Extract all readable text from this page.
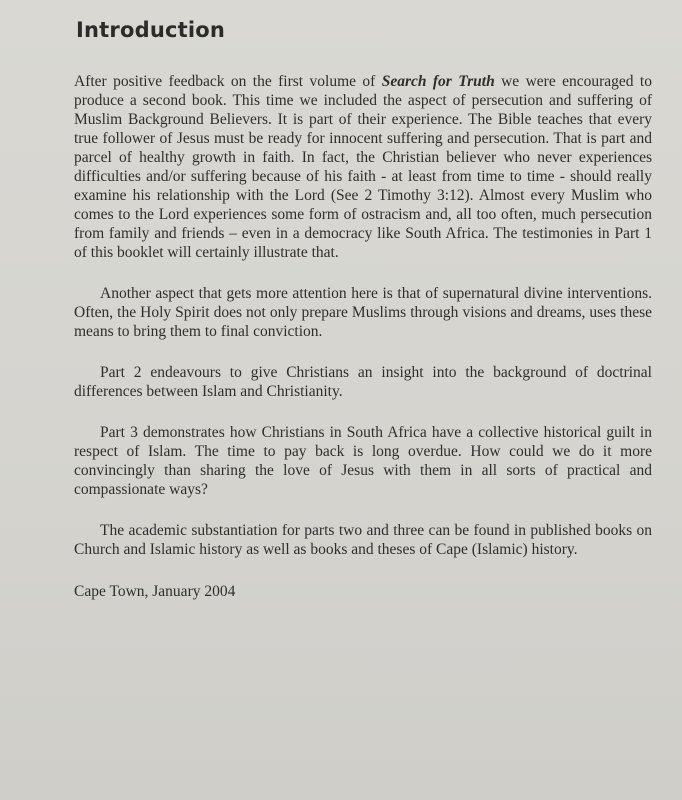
Introduction

After positive feedback on the first volume of Search for Truth we were encouraged to produce a second book. This time we included the aspect of persecution and suffering of Muslim Background Believers. It is part of their experience. The Bible teaches that every true follower of Jesus must be ready for innocent suffering and persecution. That is part and parcel of healthy growth in faith. In fact, the Christian believer who never experiences difficulties and/or suffering because of his faith - at least from time to time - should really examine his relationship with the Lord (See 2 Timothy 3:12). Almost every Muslim who comes to the Lord experiences some form of ostracism and, all too often, much persecution from family and friends – even in a democracy like South Africa. The testimonies in Part 1 of this booklet will certainly illustrate that.

Another aspect that gets more attention here is that of supernatural divine interventions. Often, the Holy Spirit does not only prepare Muslims through visions and dreams, uses these means to bring them to final conviction.

Part 2 endeavours to give Christians an insight into the background of doctrinal differences between Islam and Christianity.

Part 3 demonstrates how Christians in South Africa have a collective historical guilt in respect of Islam. The time to pay back is long overdue. How could we do it more convincingly than sharing the love of Jesus with them in all sorts of practical and compassionate ways?

The academic substantiation for parts two and three can be found in published books on Church and Islamic history as well as books and theses of Cape (Islamic) history.

Cape Town, January 2004
